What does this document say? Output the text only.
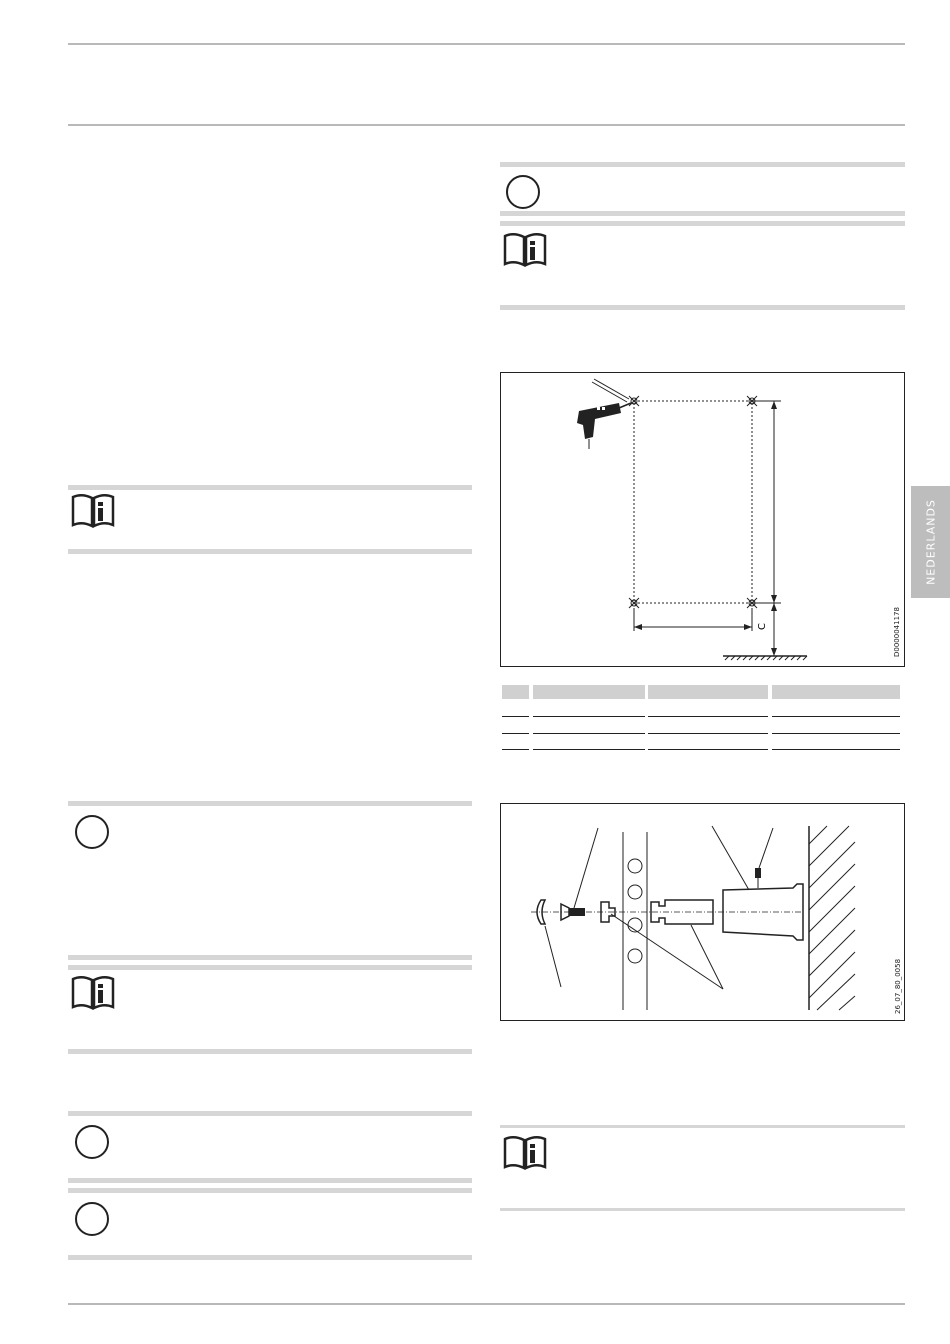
NEDERLANDS
C	D0000041178
26_07_80_0058
